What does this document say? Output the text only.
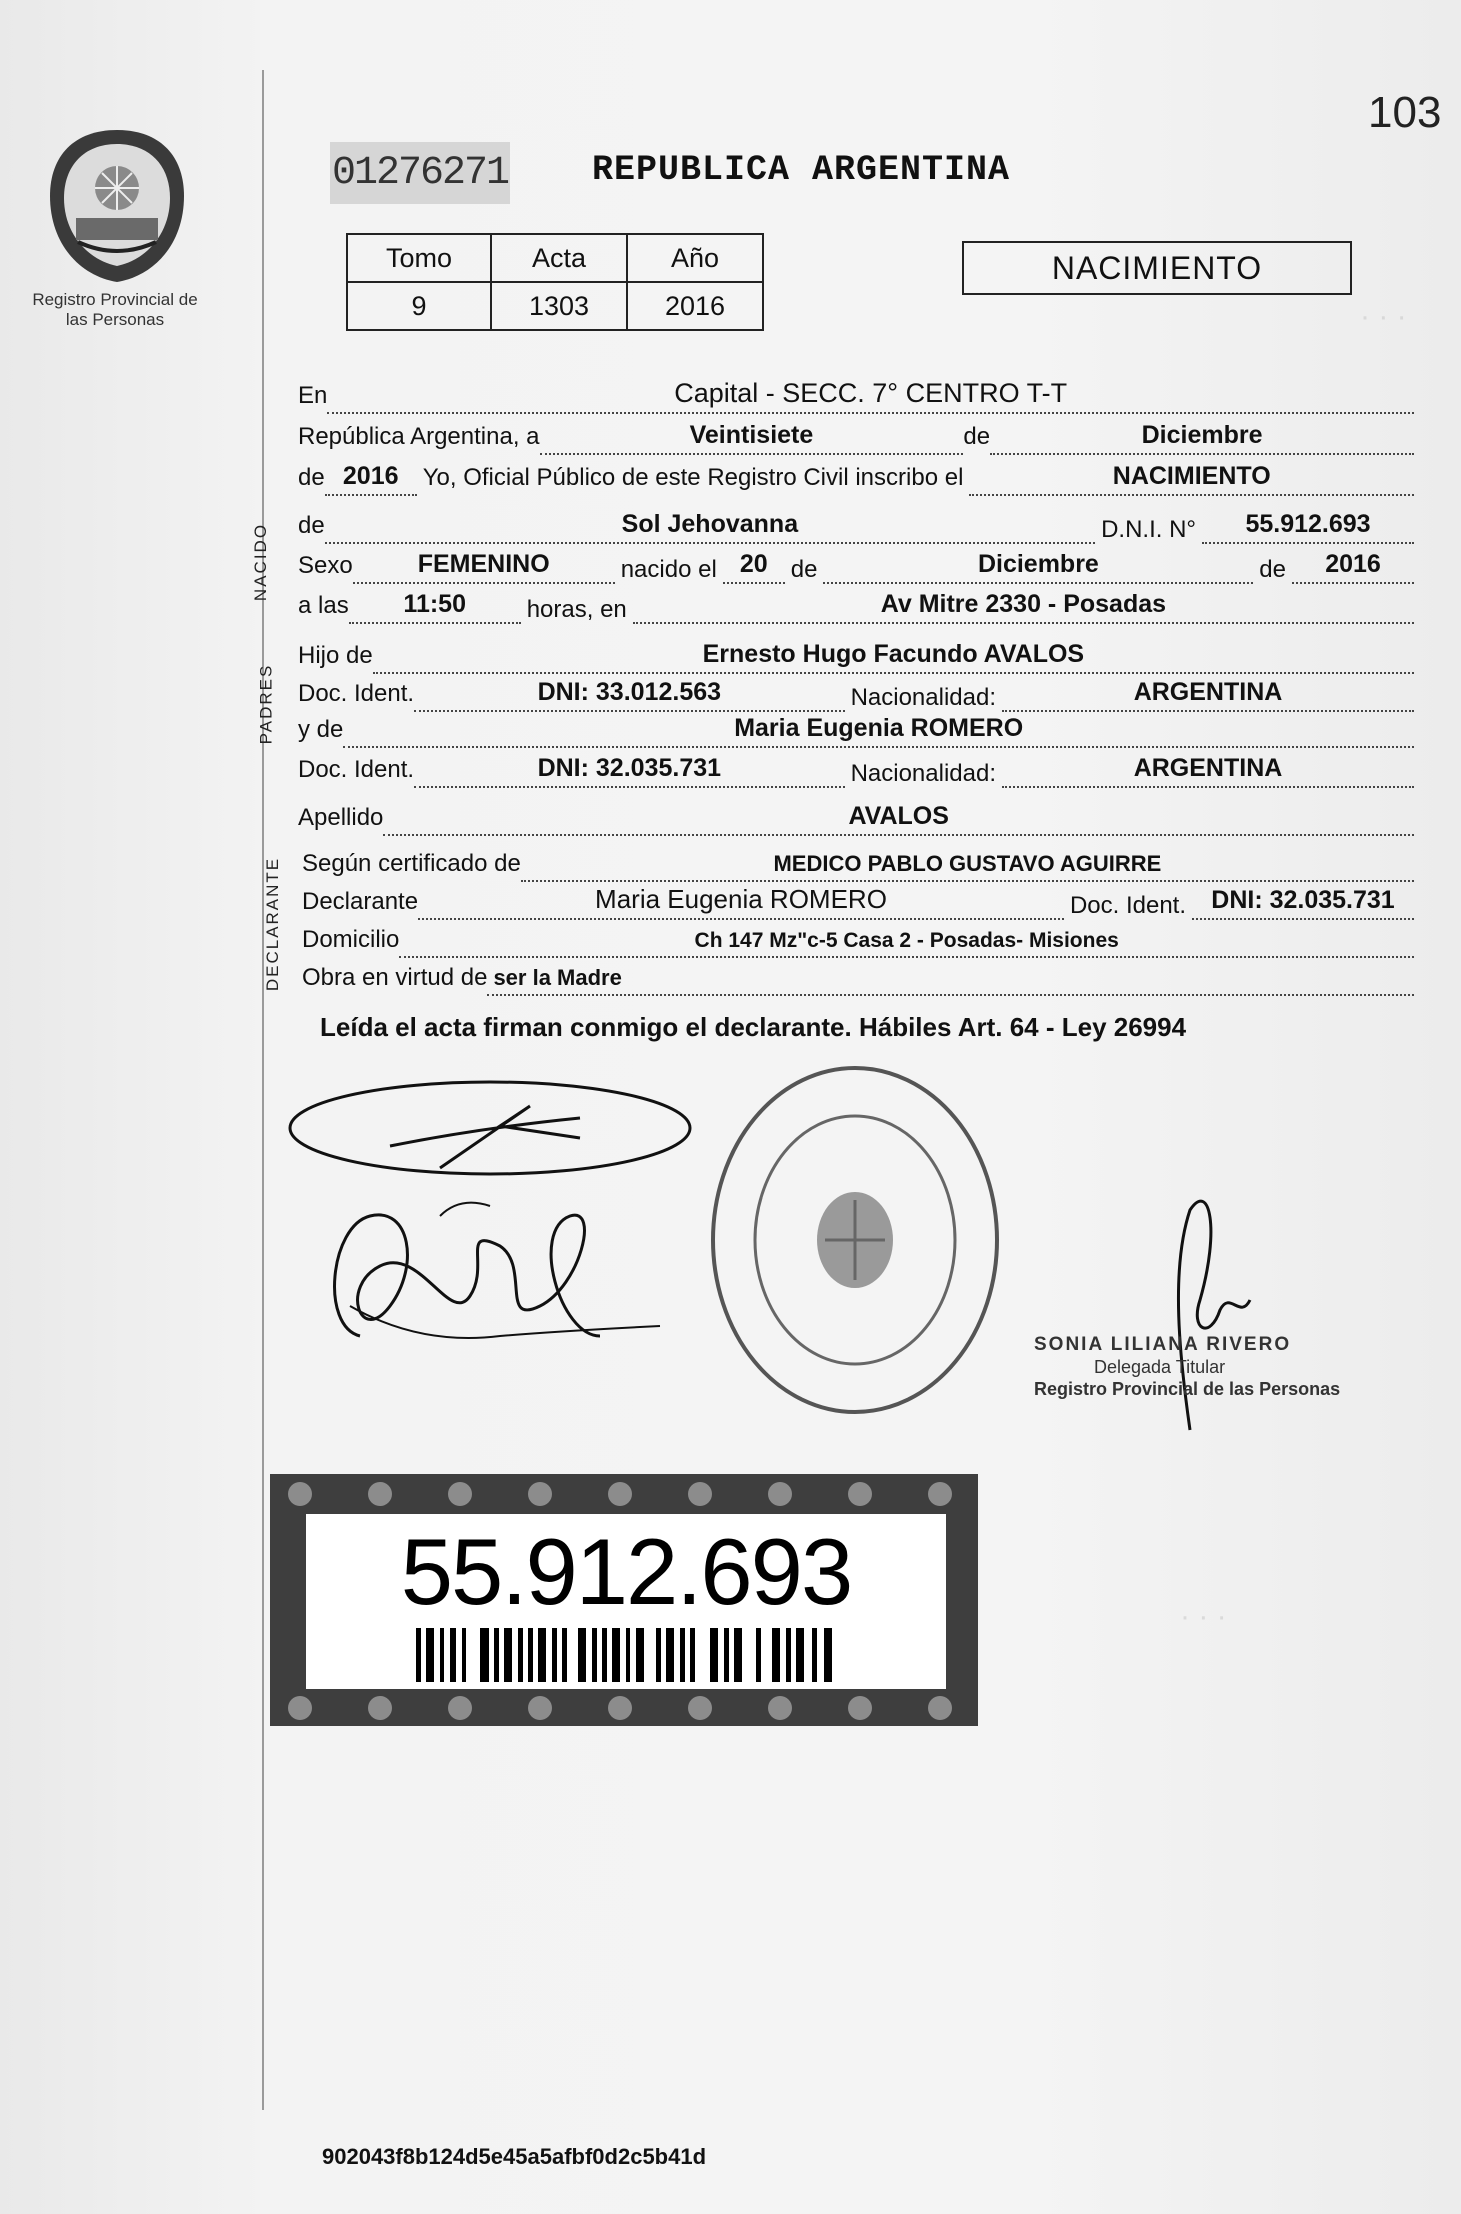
· · ·
· · ·
103
Registro Provincial de las Personas
01276271 REPUBLICA ARGENTINA
Tomo	Acta	Año
9	1303	2016
NACIMIENTO
En	Capital - SECC. 7° CENTRO T-T
República Argentina, a	Veintisiete	de	Diciembre
de 2016 Yo, Oficial Público de este Registro Civil inscribo el	NACIMIENTO
NACIDO de	Sol Jehovanna	D.N.I. N° 55.912.693
Sexo	FEMENINO	nacido el 20 de	Diciembre	de 2016
a las 11:50	horas, en	Av Mitre 2330 - Posadas
PADRES
Hijo de	Ernesto Hugo Facundo AVALOS
Doc. Ident.	DNI: 33.012.563	Nacionalidad:	ARGENTINA
y de	Maria Eugenia ROMERO
Doc. Ident.	DNI: 32.035.731	Nacionalidad:	ARGENTINA
Apellido	AVALOS
DECLARANTE Según certificado de	MEDICO PABLO GUSTAVO AGUIRRE
Declarante	Maria Eugenia ROMERO	Doc. Ident. DNI: 32.035.731
Domicilio	Ch 147 Mz"c-5 Casa 2 - Posadas- Misiones
Obra en virtud de ser la Madre
Leída el acta firman conmigo el declarante. Hábiles Art. 64 - Ley 26994
SONIA LILIANA RIVERO
Delegada Titular
Registro Provincial de las Personas
55.912.693
902043f8b124d5e45a5afbf0d2c5b41d
